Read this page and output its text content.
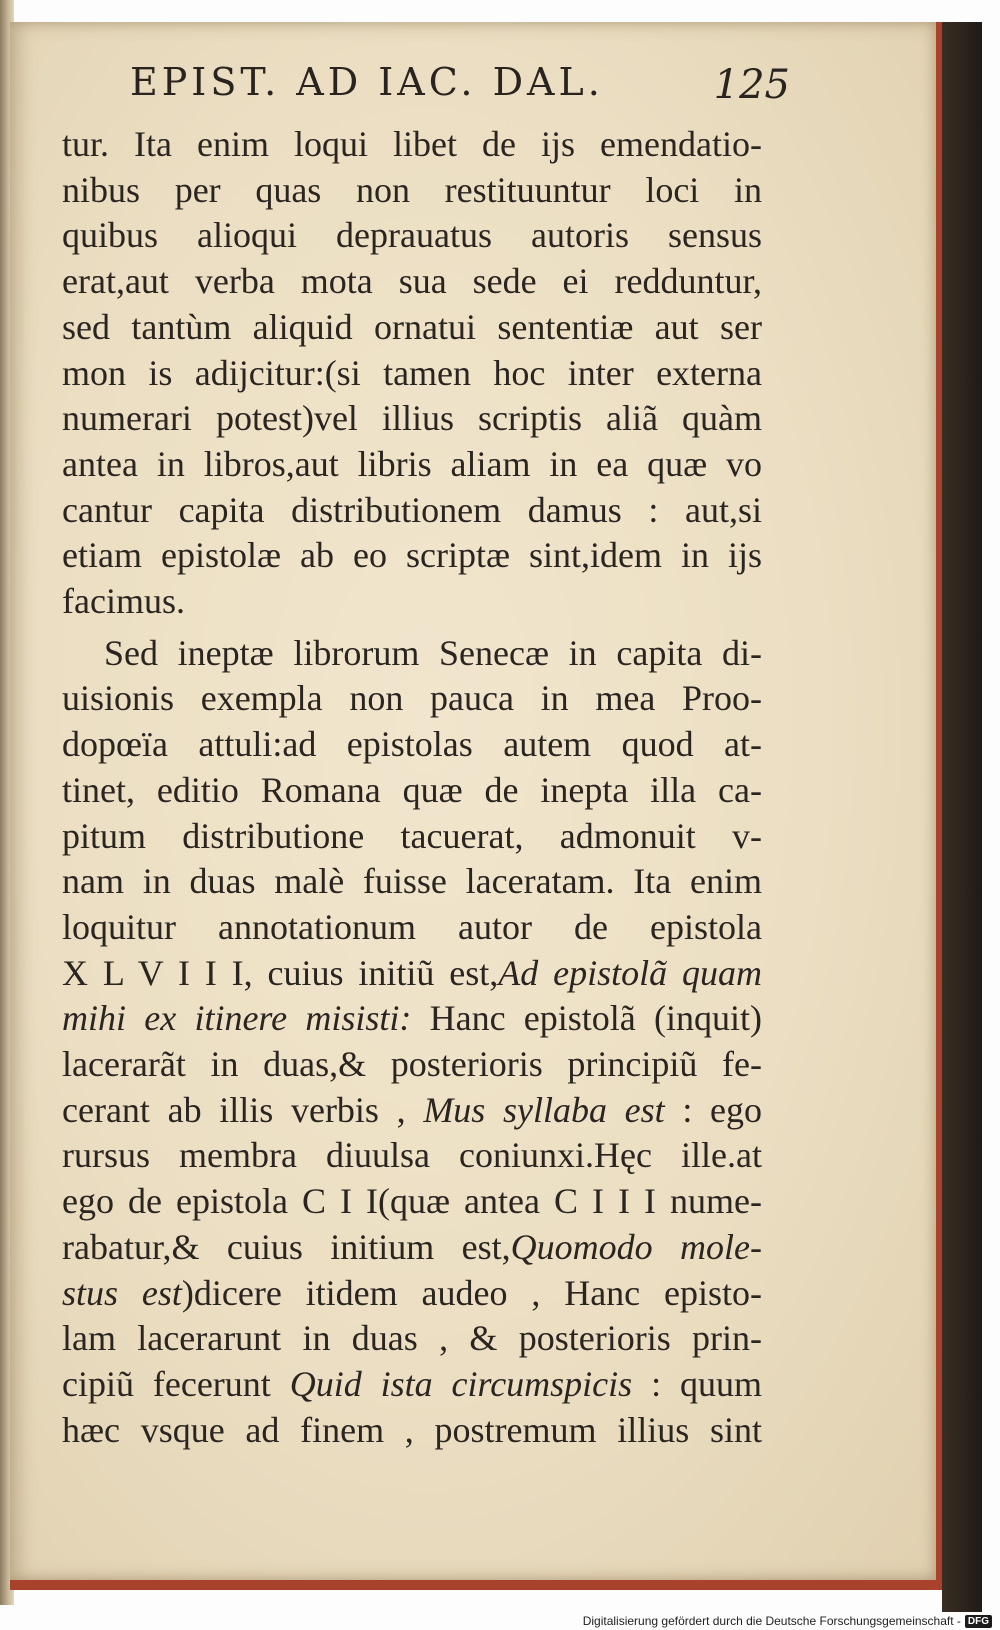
EPIST. AD IAC. DAL.	125
tur. Ita enim loqui libet de ijs emendatio-
nibus per quas non restituuntur loci in
quibus alioqui deprauatus autoris sensus
erat,aut verba mota sua sede ei redduntur,
sed tantùm aliquid ornatui sententiæ aut ser
mon is adijcitur:(si tamen hoc inter externa
numerari potest)vel illius scriptis aliã quàm
antea in libros,aut libris aliam in ea quæ vo
cantur capita distributionem damus : aut,si
etiam epistolæ ab eo scriptæ sint,idem in ijs
facimus.
Sed ineptæ librorum Senecæ in capita di-
uisionis exempla non pauca in mea Proo-
dopœïa attuli:ad epistolas autem quod at-
tinet, editio Romana quæ de inepta illa ca-
pitum distributione tacuerat, admonuit v-
nam in duas malè fuisse laceratam. Ita enim
loquitur annotationum autor de epistola
X L V I I I, cuius initiũ est,Ad epistolã quam
mihi ex itinere misisti: Hanc epistolã (inquit)
lacerarãt in duas,& posterioris principiũ fe-
cerant ab illis verbis , Mus syllaba est : ego
rursus membra diuulsa coniunxi.Hęc ille.at
ego de epistola C I I(quæ antea C I I I nume-
rabatur,& cuius initium est,Quomodo mole-
stus est)dicere itidem audeo , Hanc episto-
lam lacerarunt in duas , & posterioris prin-
cipiũ fecerunt Quid ista circumspicis : quum
hæc vsque ad finem , postremum illius sint
Digitalisierung gefördert durch die Deutsche Forschungsgemeinschaft - DFG
